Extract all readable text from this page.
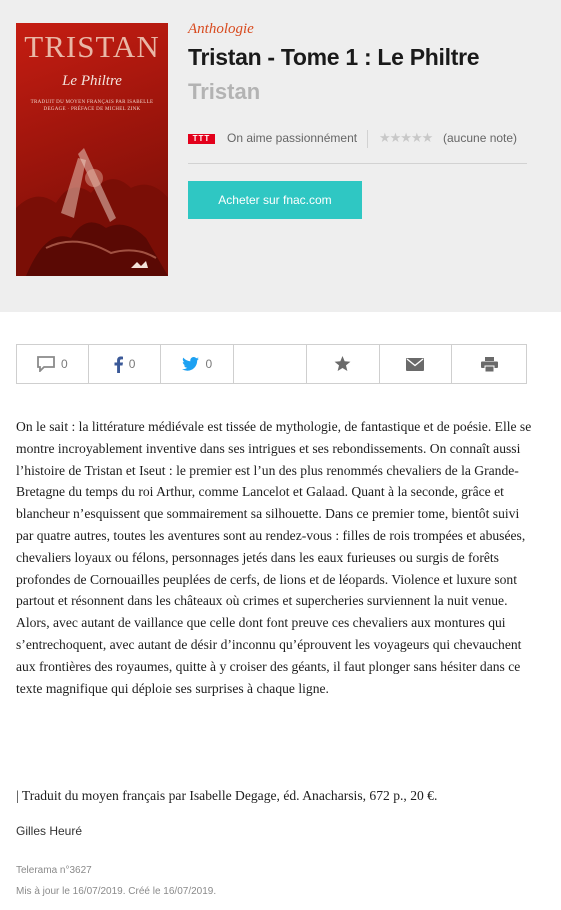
TRISTAN
Le Philtre
TRADUIT DU MOYEN FRANÇAIS PAR ISABELLE DEGAGE · PRÉFACE DE MICHEL ZINK
Anthologie
Tristan - Tome 1 : Le Philtre
Tristan
TTT	On aime passionnément ★★★★★ (aucune note)
Acheter sur fnac.com
0	0	0
On le sait : la littérature médiévale est tissée de mythologie, de fantastique et de poésie. Elle se montre incroyablement inventive dans ses intrigues et ses rebondissements. On connaît aussi l’histoire de Tristan et Iseut : le premier est l’un des plus renommés chevaliers de la Grande-Bretagne du temps du roi Arthur, comme Lancelot et Galaad. Quant à la seconde, grâce et blancheur n’esquissent que sommairement sa silhouette. Dans ce premier tome, bientôt suivi par quatre autres, toutes les aventures sont au rendez-vous : filles de rois trompées et abusées, chevaliers loyaux ou félons, personnages jetés dans les eaux furieuses ou surgis de forêts profondes de Cornouailles peuplées de cerfs, de lions et de léopards. Violence et luxure sont partout et résonnent dans les châteaux où crimes et supercheries surviennent la nuit venue. Alors, avec autant de vaillance que celle dont font preuve ces chevaliers aux montures qui s’entrechoquent, avec autant de désir d’inconnu qu’éprouvent les voyageurs qui chevauchent aux frontières des royaumes, quitte à y croiser des géants, il faut plonger sans hésiter dans ce texte magnifique qui déploie ses surprises à chaque ligne.
| Traduit du moyen français par Isabelle Degage, éd. Anacharsis, 672 p., 20 €.
Gilles Heuré
Telerama n°3627
Mis à jour le 16/07/2019. Créé le 16/07/2019.
